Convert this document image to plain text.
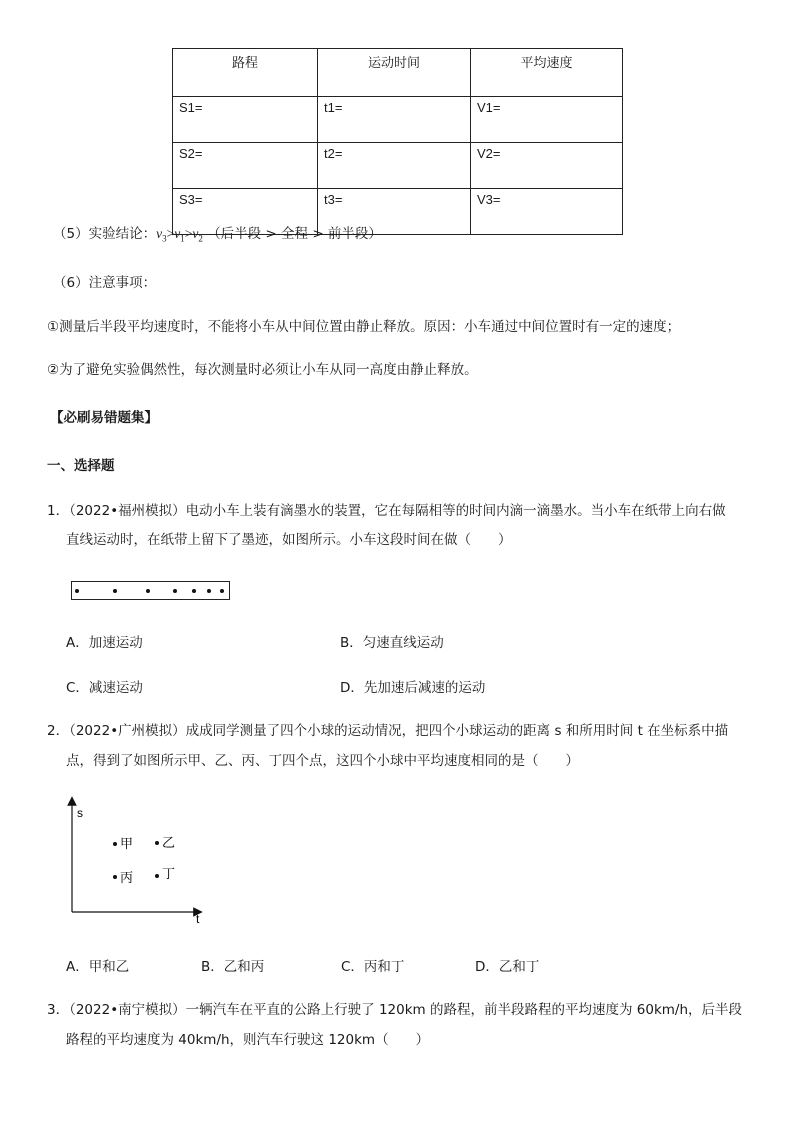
路程	运动时间	平均速度
S1=	t1=	V1=
S2=	t2=	V2=
S3=	t3=	V3=
（5）实验结论：$v_3>v_1>v_2$ （后半段 > 全程 > 前半段）
（6）注意事项：
①测量后半段平均速度时，不能将小车从中间位置由静止释放。原因：小车通过中间位置时有一定的速度；
②为了避免实验偶然性，每次测量时必须让小车从同一高度由静止释放。
【必刷易错题集】
一、选择题
1．（2022•福州模拟）电动小车上装有滴墨水的装置，它在每隔相等的时间内滴一滴墨水。当小车在纸带上向右做
直线运动时，在纸带上留下了墨迹，如图所示。小车这段时间在做（　　）
A．加速运动	B．匀速直线运动
C．减速运动	D．先加速后减速的运动
2．（2022•广州模拟）成成同学测量了四个小球的运动情况，把四个小球运动的距离 s 和所用时间 t 在坐标系中描
点，得到了如图所示甲、乙、丙、丁四个点，这四个小球中平均速度相同的是（　　）
s
t
甲 乙
丙 丁
A．甲和乙	B．乙和丙	C．丙和丁	D．乙和丁
3．（2022•南宁模拟）一辆汽车在平直的公路上行驶了 120km 的路程，前半段路程的平均速度为 60km/h，后半段
路程的平均速度为 40km/h，则汽车行驶这 120km（　　）
